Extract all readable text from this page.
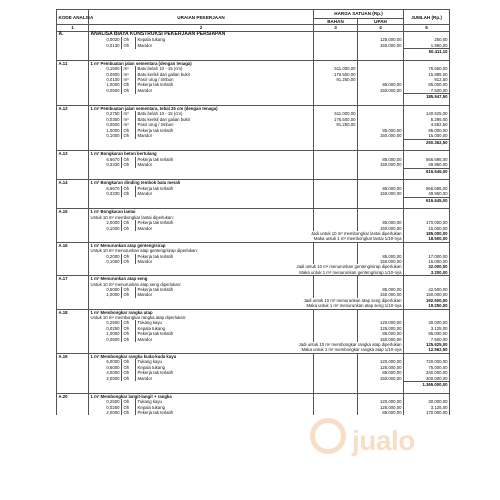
KODE ANALISA	URAIAN PEKERJAAN			HARGA SATUAN (Rp.)		JUMLAH (Rp.)
				BAHAN	UPAH	
1	2			3	4	5
A.	ANALISA BIAYA KONSTRUKSI PEKERJAAN PERSIAPAN					
	0,0020	Oh	Kepala tukang		125.000,00	250,00
	0,0130	Oh	Mandor		150.000,00	1.950,00
						50.411,10

A.11	1 m² Pembuatan jalan sementara (dengan tenaga)					
	0,1500	m³	Batu belah 10 - 15 (cm)	511.000,00		76.650,00
	0,0900	m³	Batu kerikil dari galian bukit	176.500,00		15.885,00
	0,0100	m³	Pasir urug / timbun	91.250,00		912,50
	1,0000	Oh	Pekerja tak terlatih		85.000,00	85.000,00
	0,0500	Oh	Mandor		150.000,00	7.500,00
						185.947,50

A.12	1 m² Pembuatan jalan sementara, tebal 25 cm (dengan tenaga)					
	0,2750	m³	Batu belah 10 - 15 (cm)	511.000,00		140.525,00
	0,0300	m³	Batu kerikil dari galian bukit	176.500,00		5.295,00
	0,0500	m³	Pasir urug / timbun	91.250,00		4.562,50
	1,0000	Oh	Pekerja tak terlatih		85.000,00	85.000,00
	0,1000	Oh	Mandor		150.000,00	15.000,00
						250.362,50

A.13	1 m² Bongkaran beton bertulang					
	6,6670	Oh	Pekerja tak terlatih		85.000,00	566.695,00
	0,3330	Oh	Mandor		150.000,00	49.950,00
						616.645,00

A.14	1 m² Bongkaran dinding tembok bata merah					
	6,6670	Oh	Pekerja tak terlatih		85.000,00	566.695,00
	0,3330	Oh	Mandor		150.000,00	49.950,00
						616.645,00

A.15	1 m² Bongkaran lantai					
	Untuk 10 m² membongkar lantai diperlukan:					
	2,0000	Oh	Pekerja tak terlatih		85.000,00	170.000,00
	0,1000	Oh	Mandor		150.000,00	15.000,00
	Jadi untuk 10 m² membongkar lantai diperlukan					185.000,00
	Maka untuk 1 m² membongkar lantai 1/10-nya					18.500,00
A.16	1 m² Menurunkan atap genteng/sirap					
	Untuk 10 m² menurunkan atap genteng/sirap diperlukan:					
	0,2000	Oh	Pekerja tak terlatih		85.000,00	17.000,00
	0,1000	Oh	Mandor		150.000,00	15.000,00
	Jadi untuk 10 m² menurunkan genteng/sirap diperlukan					32.000,00
	Maka untuk 1 m² menurunkan genteng/sirap 1/10-nya					3.200,00
A.17	1 m² Menurunkan atap seng					
	Untuk 10 m² menurunkan atap seng diperlukan:					
	0,5000	Oh	Pekerja tak terlatih		85.000,00	42.500,00
	1,0000	Oh	Mandor		150.000,00	150.000,00
	Jadi untuk 10 m² menurunkan atap seng diperlukan					192.500,00
	Maka untuk 1 m² menurunkan atap seng 1/10-nya					19.250,00
A.18	1 m² Membongkar rangka atap					
	Untuk 10 m² membongkar rangka atap diperlukan:					
	0,2500	Oh	Tukang kayu		120.000,00	30.000,00
	0,0250	Oh	Kepala tukang		125.000,00	3.125,00
	1,0000	Oh	Pekerja tak terlatih		85.000,00	85.000,00
	0,0500	Oh	Mandor		150.000,00	7.500,00
	Jadi untuk 10 m² membongkar rangka atap diperlukan					125.625,00
	Maka untuk 1 m² membongkar rangka atap 1/10-nya					12.562,50
A.19	1 m² Membongkar rangka kuda-kuda kayu					
	6,0000	Oh	Tukang kayu		120.000,00	720.000,00
	0,6000	Oh	Kepala tukang		125.000,00	75.000,00
	4,0000	Oh	Pekerja tak terlatih		85.000,00	340.000,00
	2,0000	Oh	Mandor		150.000,00	300.000,00
						1.365.000,00

A.20	1 m² Membongkar langit-langit + rangka					
	0,2500	Oh	Tukang kayu		120.000,00	30.000,00
	0,0250	Oh	Kepala tukang		125.000,00	3.125,00
	2,0000	Oh	Pekerja tak terlatih		85.000,00	170.000,00
jualo
